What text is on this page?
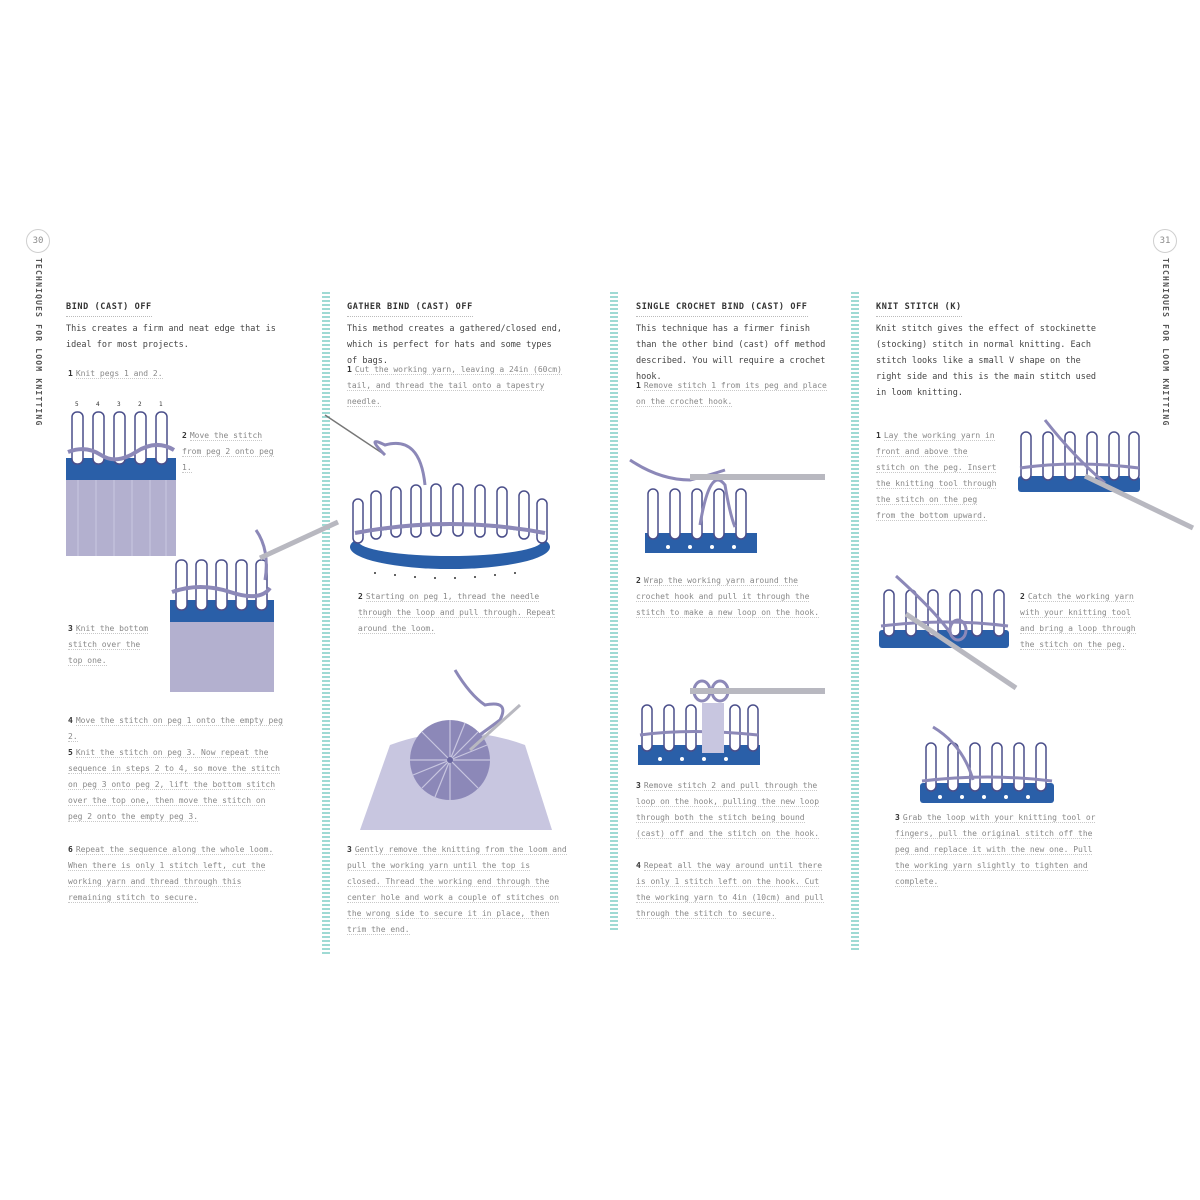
30	31
TECHNIQUES FOR LOOM KNITTING	TECHNIQUES FOR LOOM KNITTING
BIND (CAST) OFF
This creates a firm and neat edge that is ideal for most projects.
1 Knit pegs 1 and 2.
5	4	3	2	1
2 Move the stitch from peg 2 onto peg 1.
3 Knit the bottom stitch over the top one.
4 Move the stitch on peg 1 onto the empty peg 2.
5 Knit the stitch on peg 3. Now repeat the sequence in steps 2 to 4, so move the stitch on peg 3 onto peg 2, lift the bottom stitch over the top one, then move the stitch on peg 2 onto the empty peg 3.
6 Repeat the sequence along the whole loom. When there is only 1 stitch left, cut the working yarn and thread through this remaining stitch to secure.
GATHER BIND (CAST) OFF
This method creates a gathered/closed end, which is perfect for hats and some types of bags.
1 Cut the working yarn, leaving a 24in (60cm) tail, and thread the tail onto a tapestry needle.
2 Starting on peg 1, thread the needle through the loop and pull through. Repeat around the loom.
3 Gently remove the knitting from the loom and pull the working yarn until the top is closed. Thread the working end through the center hole and work a couple of stitches on the wrong side to secure it in place, then trim the end.
SINGLE CROCHET BIND (CAST) OFF
This technique has a firmer finish than the other bind (cast) off method described. You will require a crochet hook.
1 Remove stitch 1 from its peg and place on the crochet hook.
2 Wrap the working yarn around the crochet hook and pull it through the stitch to make a new loop on the hook.
3 Remove stitch 2 and pull through the loop on the hook, pulling the new loop through both the stitch being bound (cast) off and the stitch on the hook.
4 Repeat all the way around until there is only 1 stitch left on the hook. Cut the working yarn to 4in (10cm) and pull through the stitch to secure.
KNIT STITCH (K)
Knit stitch gives the effect of stockinette (stocking) stitch in normal knitting. Each stitch looks like a small V shape on the right side and this is the main stitch used in loom knitting.
1 Lay the working yarn in front and above the stitch on the peg. Insert the knitting tool through the stitch on the peg from the bottom upward.
2 Catch the working yarn with your knitting tool and bring a loop through the stitch on the peg.
3 Grab the loop with your knitting tool or fingers, pull the original stitch off the peg and replace it with the new one. Pull the working yarn slightly to tighten and complete.
